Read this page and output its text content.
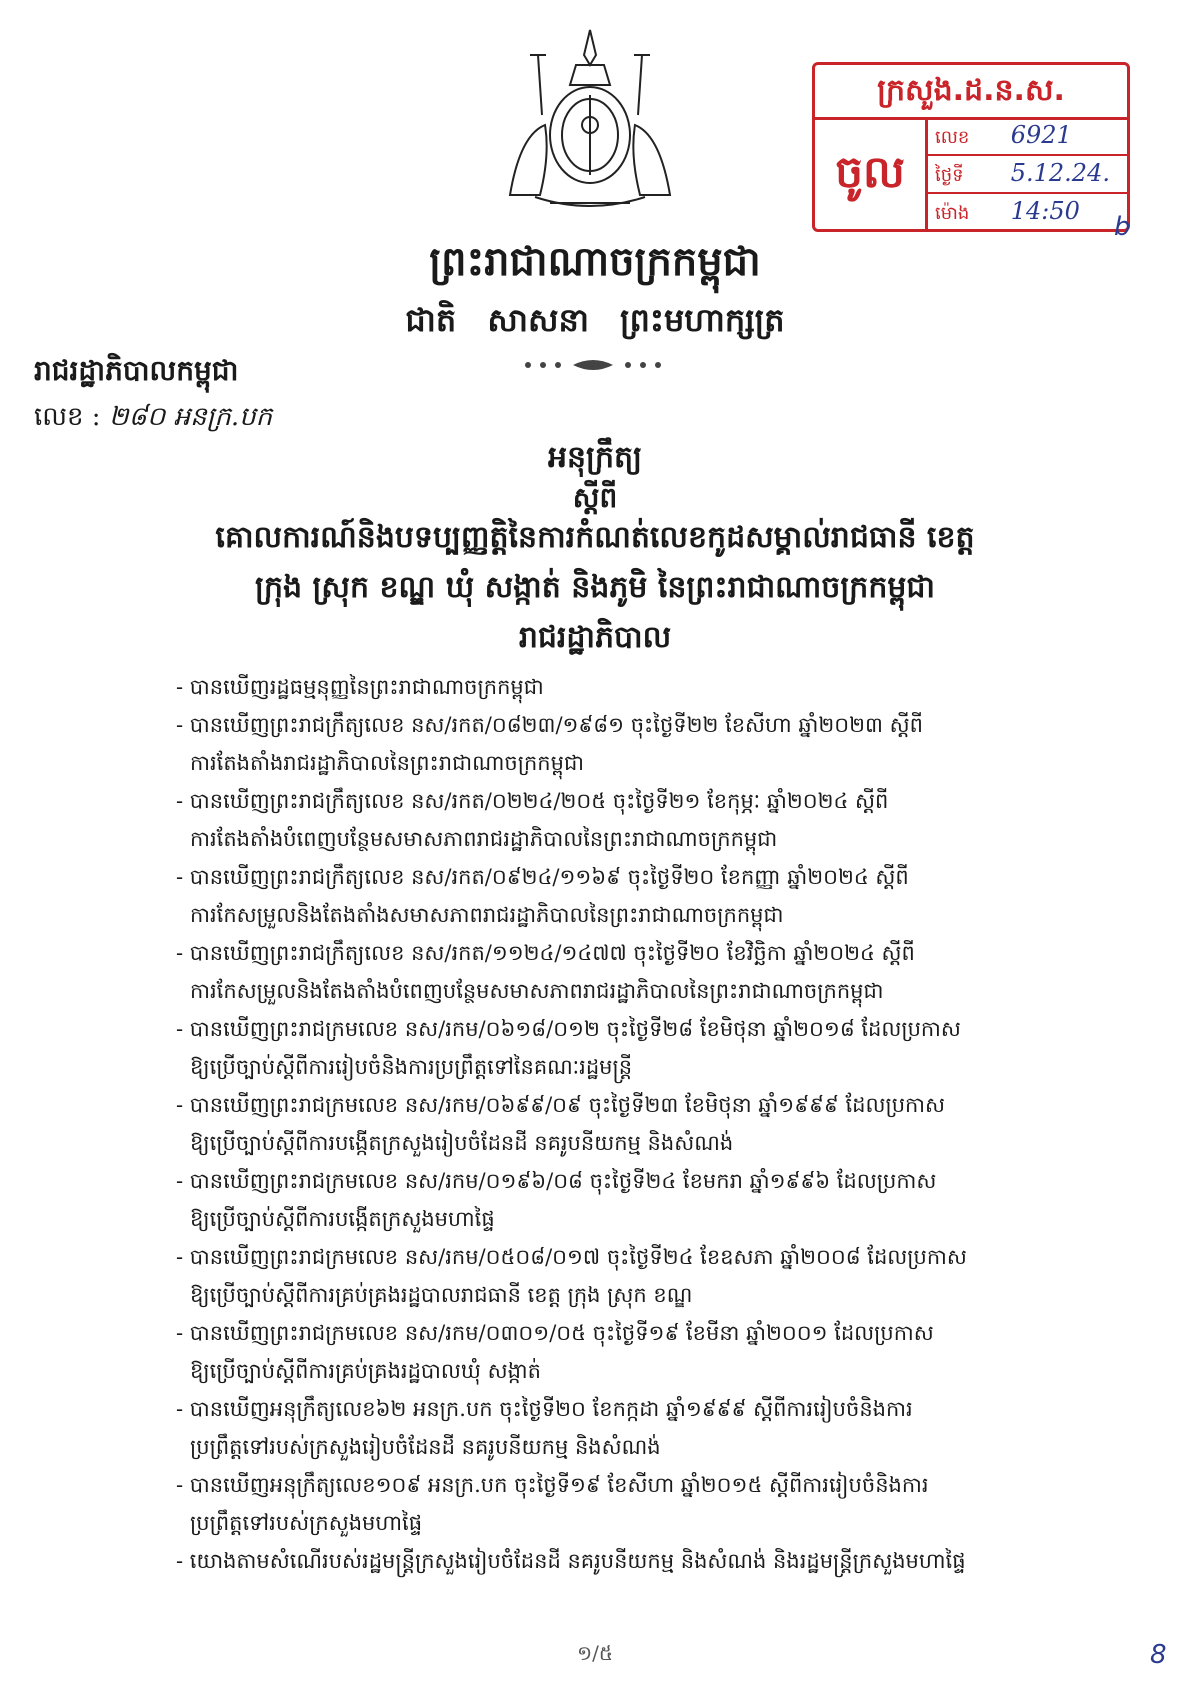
ក្រសួង.ដ.ន.ស.
ចូល
លេខ 6921
ថ្ងៃទី 5.12.24.
ម៉ោង 14:50
b
ព្រះរាជាណាចក្រកម្ពុជា
ជាតិ សាសនា ព្រះមហាក្សត្រ
រាជរដ្ឋាភិបាលកម្ពុជា
លេខ : ២៨០ អនក្រ.បក
អនុក្រឹត្យ
ស្តីពី
គោលការណ៍និងបទប្បញ្ញត្តិនៃការកំណត់លេខកូដសម្គាល់រាជធានី ខេត្ត
ក្រុង ស្រុក ខណ្ឌ ឃុំ សង្កាត់ និងភូមិ នៃព្រះរាជាណាចក្រកម្ពុជា
រាជរដ្ឋាភិបាល
- បានឃើញរដ្ឋធម្មនុញ្ញនៃព្រះរាជាណាចក្រកម្ពុជា
- បានឃើញព្រះរាជក្រឹត្យលេខ នស/រកត/០៨២៣/១៩៨១ ចុះថ្ងៃទី២២ ខែសីហា ឆ្នាំ២០២៣ ស្តីពី
ការតែងតាំងរាជរដ្ឋាភិបាលនៃព្រះរាជាណាចក្រកម្ពុជា
- បានឃើញព្រះរាជក្រឹត្យលេខ នស/រកត/០២២៤/២០៥ ចុះថ្ងៃទី២១ ខែកុម្ភៈ ឆ្នាំ២០២៤ ស្តីពី
ការតែងតាំងបំពេញបន្ថែមសមាសភាពរាជរដ្ឋាភិបាលនៃព្រះរាជាណាចក្រកម្ពុជា
- បានឃើញព្រះរាជក្រឹត្យលេខ នស/រកត/០៩២៤/១១៦៩ ចុះថ្ងៃទី២០ ខែកញ្ញា ឆ្នាំ២០២៤ ស្តីពី
ការកែសម្រួលនិងតែងតាំងសមាសភាពរាជរដ្ឋាភិបាលនៃព្រះរាជាណាចក្រកម្ពុជា
- បានឃើញព្រះរាជក្រឹត្យលេខ នស/រកត/១១២៤/១៤៧៧ ចុះថ្ងៃទី២០ ខែវិច្ឆិកា ឆ្នាំ២០២៤ ស្តីពី
ការកែសម្រួលនិងតែងតាំងបំពេញបន្ថែមសមាសភាពរាជរដ្ឋាភិបាលនៃព្រះរាជាណាចក្រកម្ពុជា
- បានឃើញព្រះរាជក្រមលេខ នស/រកម/០៦១៨/០១២ ចុះថ្ងៃទី២៨ ខែមិថុនា ឆ្នាំ២០១៨ ដែលប្រកាស
ឱ្យប្រើច្បាប់ស្តីពីការរៀបចំនិងការប្រព្រឹត្តទៅនៃគណៈរដ្ឋមន្ត្រី
- បានឃើញព្រះរាជក្រមលេខ នស/រកម/០៦៩៩/០៩ ចុះថ្ងៃទី២៣ ខែមិថុនា ឆ្នាំ១៩៩៩ ដែលប្រកាស
ឱ្យប្រើច្បាប់ស្តីពីការបង្កើតក្រសួងរៀបចំដែនដី នគរូបនីយកម្ម និងសំណង់
- បានឃើញព្រះរាជក្រមលេខ នស/រកម/០១៩៦/០៨ ចុះថ្ងៃទី២៤ ខែមករា ឆ្នាំ១៩៩៦ ដែលប្រកាស
ឱ្យប្រើច្បាប់ស្តីពីការបង្កើតក្រសួងមហាផ្ទៃ
- បានឃើញព្រះរាជក្រមលេខ នស/រកម/០៥០៨/០១៧ ចុះថ្ងៃទី២៤ ខែឧសភា ឆ្នាំ២០០៨ ដែលប្រកាស
ឱ្យប្រើច្បាប់ស្តីពីការគ្រប់គ្រងរដ្ឋបាលរាជធានី ខេត្ត ក្រុង ស្រុក ខណ្ឌ
- បានឃើញព្រះរាជក្រមលេខ នស/រកម/០៣០១/០៥ ចុះថ្ងៃទី១៩ ខែមីនា ឆ្នាំ២០០១ ដែលប្រកាស
ឱ្យប្រើច្បាប់ស្តីពីការគ្រប់គ្រងរដ្ឋបាលឃុំ សង្កាត់
- បានឃើញអនុក្រឹត្យលេខ៦២ អនក្រ.បក ចុះថ្ងៃទី២០ ខែកក្កដា ឆ្នាំ១៩៩៩ ស្តីពីការរៀបចំនិងការ
ប្រព្រឹត្តទៅរបស់ក្រសួងរៀបចំដែនដី នគរូបនីយកម្ម និងសំណង់
- បានឃើញអនុក្រឹត្យលេខ១០៩ អនក្រ.បក ចុះថ្ងៃទី១៩ ខែសីហា ឆ្នាំ២០១៥ ស្តីពីការរៀបចំនិងការ
ប្រព្រឹត្តទៅរបស់ក្រសួងមហាផ្ទៃ
- យោងតាមសំណើរបស់រដ្ឋមន្ត្រីក្រសួងរៀបចំដែនដី នគរូបនីយកម្ម និងសំណង់ និងរដ្ឋមន្ត្រីក្រសួងមហាផ្ទៃ
១/៥	8
